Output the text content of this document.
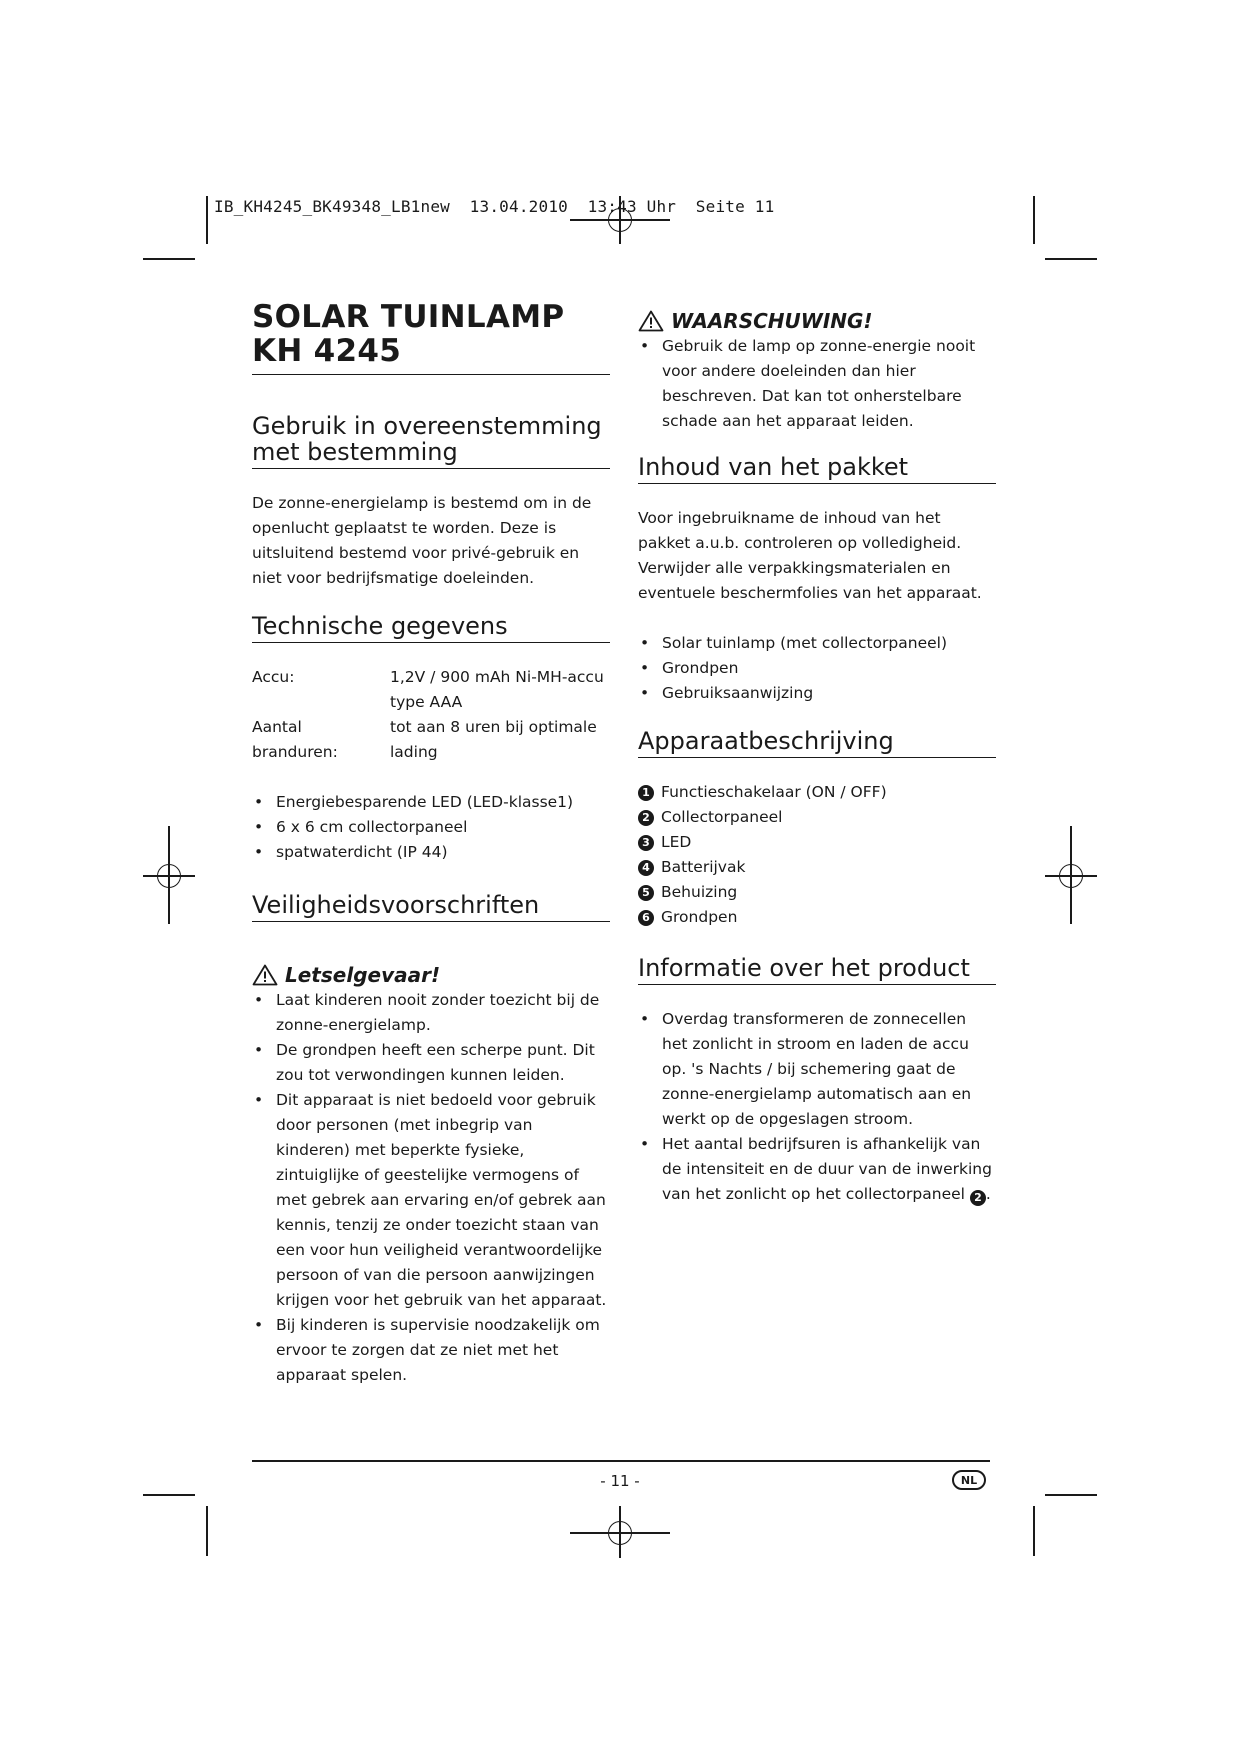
IB_KH4245_BK49348_LB1new  13.04.2010  13:43 Uhr  Seite 11
SOLAR TUINLAMP
KH 4245
Gebruik in overeenstemming
met bestemming

De zonne-energielamp is bestemd om in de openlucht geplaatst te worden. Deze is uitsluitend bestemd voor privé-gebruik en niet voor bedrijfsmatige doeleinden.

Technische gegevens
Accu:	1,2V / 900 mAh Ni-MH-accu type AAA
Aantal branduren:
tot aan 8 uren bij optimale lading
• Energiebesparende LED (LED-klasse1)
• 6 x 6 cm collectorpaneel
• spatwaterdicht (IP 44)
Veiligheidsvoorschriften
Letselgevaar!
• Laat kinderen nooit zonder toezicht bij de zonne-energielamp.
• De grondpen heeft een scherpe punt. Dit zou tot verwondingen kunnen leiden.
• Dit apparaat is niet bedoeld voor gebruik door personen (met inbegrip van kinderen) met beperkte fysieke, zintuiglijke of geestelijke vermogens of met gebrek aan ervaring en/of gebrek aan kennis, tenzij ze onder toezicht staan van een voor hun veiligheid verantwoordelijke persoon of van die persoon aanwijzingen krijgen voor het gebruik van het apparaat.
• Bij kinderen is supervisie noodzakelijk om ervoor te zorgen dat ze niet met het apparaat spelen.
WAARSCHUWING!
• Gebruik de lamp op zonne-energie nooit voor andere doeleinden dan hier beschreven. Dat kan tot onherstelbare schade aan het apparaat leiden.
Inhoud van het pakket

Voor ingebruikname de inhoud van het pakket a.u.b. controleren op volledigheid. Verwijder alle verpakkingsmaterialen en eventuele beschermfolies van het apparaat.

• Solar tuinlamp (met collectorpaneel)
• Grondpen
• Gebruiksaanwijzing
Apparaatbeschrijving
1 Functieschakelaar (ON / OFF)
2 Collectorpaneel
3 LED
4 Batterijvak
5 Behuizing
6 Grondpen
Informatie over het product
• Overdag transformeren de zonnecellen het zonlicht in stroom en laden de accu op. 's Nachts / bij schemering gaat de zonne-energielamp automatisch aan en werkt op de opgeslagen stroom.
• Het aantal bedrijfsuren is afhankelijk van de intensiteit en de duur van de inwerking van het zonlicht op het collectorpaneel 2 .
- 11 -	NL
